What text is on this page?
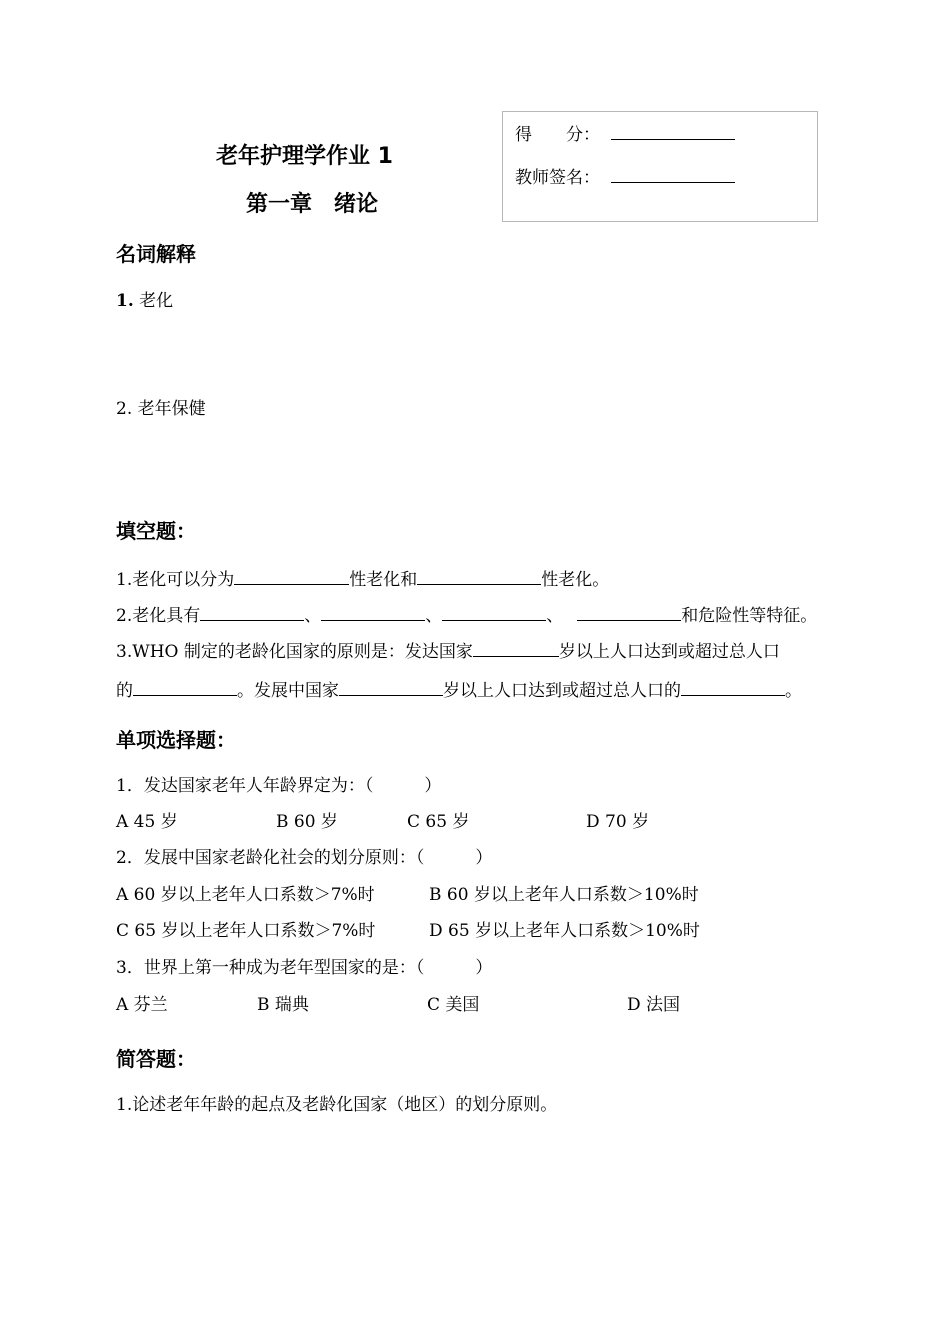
老年护理学作业 1
第一章　绪论
得　　分：
教师签名：
名词解释
1. 老化
2. 老年保健
填空题：
1.老化可以分为	性老化和	性老化。
2.老化具有	、	、	、	和危险性等特征。
3.WHO 制定的老龄化国家的原则是：发达国家	岁以上人口达到或超过总人口
的	。发展中国家	岁以上人口达到或超过总人口的	。
单项选择题：
1．发达国家老年人年龄界定为：（　　　）
A 45 岁	B 60 岁	C 65 岁	D 70 岁
2．发展中国家老龄化社会的划分原则：（　　　）
A 60 岁以上老年人口系数＞7%时	B 60 岁以上老年人口系数＞10%时
C 65 岁以上老年人口系数＞7%时	D 65 岁以上老年人口系数＞10%时
3．世界上第一种成为老年型国家的是：（　　　）
A 芬兰	B 瑞典	C 美国	D 法国
简答题：
1.论述老年年龄的起点及老龄化国家（地区）的划分原则。
